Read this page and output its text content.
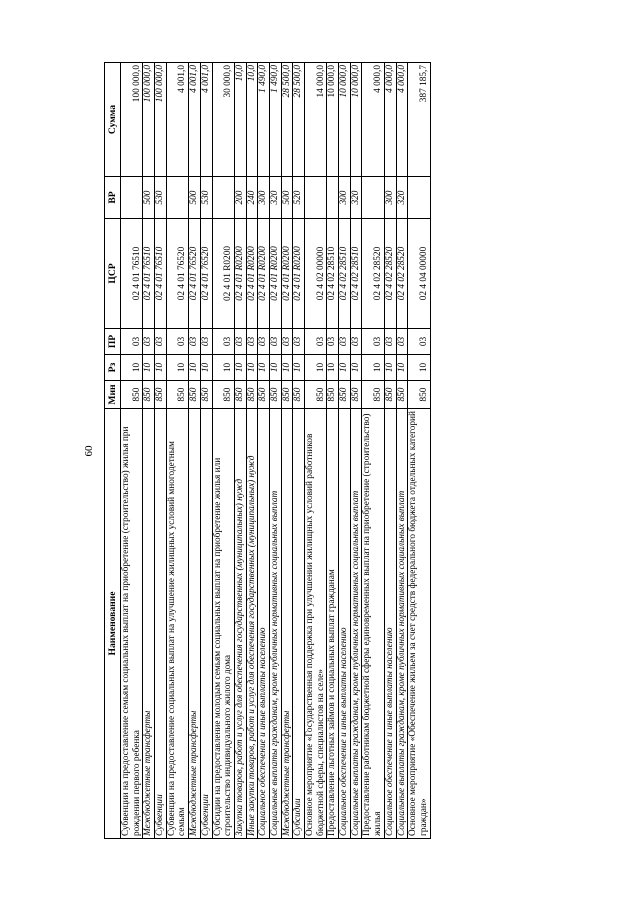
60
Наименование	Мин	Рз	ПР	ЦСР	ВР	Сумма
Субвенции на предоставление семьям социальных выплат на приобретение (строительство) жилья при рождении первого ребенка	850	10	03	02 4 01 76510		100 000,0
Межбюджетные трансферты	850	10	03	02 4 01 76510	500	100 000,0
Субвенции	850	10	03	02 4 01 76510	530	100 000,0
Субвенции на предоставление социальных выплат на улучшение жилищных условий многодетным семьям	850	10	03	02 4 01 76520		4 001,0
Межбюджетные трансферты	850	10	03	02 4 01 76520	500	4 001,0
Субвенции	850	10	03	02 4 01 76520	530	4 001,0
Субсидии на предоставление молодым семьям социальных выплат на приобретение жилья или строительство индивидуального жилого дома	850	10	03	02 4 01 R0200		30 000,0
Закупка товаров, работ и услуг для обеспечения государственных (муниципальных) нужд	850	10	03	02 4 01 R0200	200	10,0
Иные закупки товаров, работ и услуг для обеспечения государственных (муниципальных) нужд	850	10	03	02 4 01 R0200	240	10,0
Социальное обеспечение и иные выплаты населению	850	10	03	02 4 01 R0200	300	1 490,0
Социальные выплаты гражданам, кроме публичных нормативных социальных выплат	850	10	03	02 4 01 R0200	320	1 490,0
Межбюджетные трансферты	850	10	03	02 4 01 R0200	500	28 500,0
Субсидии	850	10	03	02 4 01 R0200	520	28 500,0
Основное мероприятие «Государственная поддержка при улучшении жилищных условий работников бюджетной сферы, специалистов на селе»	850	10	03	02 4 02 00000		14 000,0
Предоставление льготных займов и социальных выплат гражданам	850	10	03	02 4 02 28510		10 000,0
Социальное обеспечение и иные выплаты населению	850	10	03	02 4 02 28510	300	10 000,0
Социальные выплаты гражданам, кроме публичных нормативных социальных выплат	850	10	03	02 4 02 28510	320	10 000,0
Предоставление работникам бюджетной сферы единовременных выплат на приобретение (строительство) жилья	850	10	03	02 4 02 28520		4 000,0
Социальное обеспечение и иные выплаты населению	850	10	03	02 4 02 28520	300	4 000,0
Социальные выплаты гражданам, кроме публичных нормативных социальных выплат	850	10	03	02 4 02 28520	320	4 000,0
Основное мероприятие «Обеспечение жильем за счет средств федерального бюджета отдельных категорий граждан»	850	10	03	02 4 04 00000		387 185,7
